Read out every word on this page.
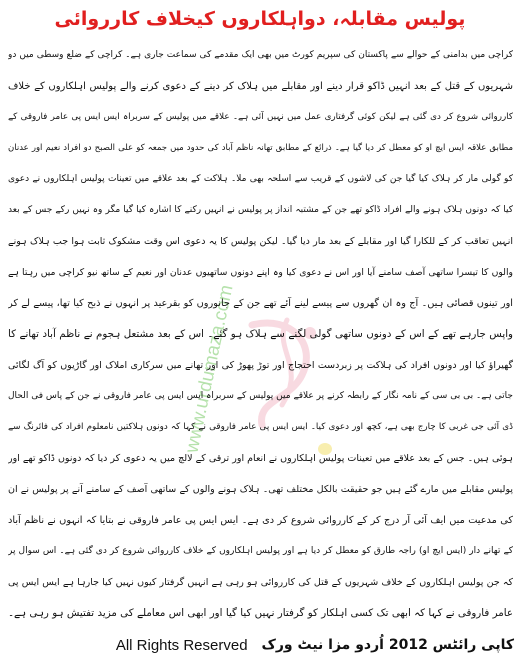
www.urdumaza.com
پولیس مقابلہ، دواہلکاروں کیخلاف کارروائی
کراچی میں بدامنی کے حوالے سے پاکستان کی سپریم کورٹ میں بھی ایک مقدمے کی سماعت جاری ہے۔ کراچی کے ضلع وسطی میں دو
شہریوں کے قتل کے بعد انہیں ڈاکو قرار دینے اور مقابلے میں ہلاک کر دینے کے دعوی کرنے والے پولیس اہلکاروں کے خلاف
کارروائی شروع کر دی گئی ہے لیکن کوئی گرفتاری عمل میں نہیں آئی ہے۔ علاقے میں پولیس کے سربراہ ایس ایس پی عامر فاروقی کے
مطابق علاقہ ایس ایچ او کو معطل کر دیا گیا ہے۔ ذرائع کے مطابق تھانہ ناظم آباد کی حدود میں جمعہ کو علی الصبح دو افراد نعیم اور عدنان
کو گولی مار کر ہلاک کیا گیا جن کی لاشوں کے قریب سے اسلحہ بھی ملا۔ ہلاکت کے بعد علاقے میں تعینات پولیس اہلکاروں نے دعوی
کیا کہ دونوں ہلاک ہونے والے افراد ڈاکو تھے جن کے مشتبہ انداز پر پولیس نے انہیں رکنے کا اشارہ کیا گیا مگر وہ نہیں رکے جس کے بعد
انہیں تعاقب کر کے للکارا گیا اور مقابلے کے بعد مار دیا گیا۔ لیکن پولیس کا یہ دعوی اس وقت مشکوک ثابت ہوا جب ہلاک ہونے
والوں کا تیسرا ساتھی آصف سامنے آیا اور اس نے دعوی کیا وہ اپنے دونوں ساتھیوں عدنان اور نعیم کے ساتھ نیو کراچی میں رہتا ہے
اور تینوں قصائی ہیں۔ آج وہ ان گھروں سے پیسے لینے آئے تھے جن کے جانوروں کو بقرعید پر انہوں نے ذبح کیا تھا، پیسے لے کر
واپس جارہے تھے کے اس کے دونوں ساتھی گولی لگنے سے ہلاک ہو گئے۔ اس کے بعد مشتعل ہجوم نے ناظم آباد تھانے کا
گھیراؤ کیا اور دونوں افراد کی ہلاکت پر زبردست احتجاج اور توڑ پھوڑ کی اور تھانے میں سرکاری املاک اور گاڑیوں کو آگ لگائی
جاتی ہے۔ بی بی سی کے نامہ نگار کے رابطہ کرنے پر علاقے میں پولیس کے سربراہ ایس ایس پی عامر فاروقی نے جن کے پاس فی الحال
ڈی آئی جی غربی کا چارج بھی ہے، کچھ اور دعوی کیا۔ ایس ایس پی عامر فاروقی نے کہا کہ دونوں ہلاکتیں نامعلوم افراد کی فائرنگ سے
ہوئی ہیں۔ جس کے بعد علاقے میں تعینات پولیس اہلکاروں نے انعام اور ترقی کے لالچ میں یہ دعوی کر دیا کہ دونوں ڈاکو تھے اور
پولیس مقابلے میں مارے گئے ہیں جو حقیقت بالکل مختلف تھی۔ ہلاک ہونے والوں کے ساتھی آصف کے سامنے آنے پر پولیس نے ان
کی مدعیت میں ایف آئی آر درج کر کے کارروائی شروع کر دی ہے۔ ایس ایس پی عامر فاروقی نے بتایا کہ انہوں نے ناظم آباد
کے تھانے دار (ایس ایچ او) راجہ طارق کو معطل کر دیا ہے اور پولیس اہلکاروں کے خلاف کارروائی شروع کر دی گئی ہے۔ اس سوال پر
کہ جن پولیس اہلکاروں کے خلاف شہریوں کے قتل کی کارروائی ہو رہی ہے انہیں گرفتار کیوں نہیں کیا جارہا ہے ایس ایس پی
عامر فاروقی نے کہا کہ ابھی تک کسی اہلکار کو گرفتار نہیں کیا گیا اور ابھی اس معاملے کی مزید تفتیش ہو رہی ہے۔
All Rights Reserved کاپی رائٹس 2012 اُردو مزا نیٹ ورک
